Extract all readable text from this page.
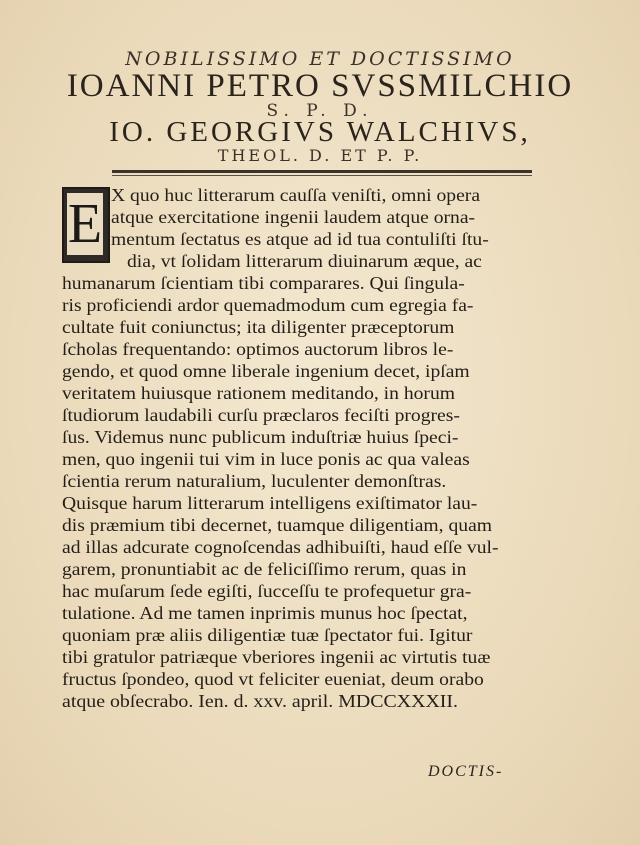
NOBILISSIMO ET DOCTISSIMO
IOANNI PETRO SVSSMILCHIO
S. P. D.
IO. GEORGIVS WALCHIVS,
THEOL. D. ET P. P.
E X quo huc litterarum cauſſa veniſti, omni opera
atque exercitatione ingenii laudem atque orna-
mentum ſectatus es atque ad id tua contuliſti ſtu-
dia, vt ſolidam litterarum diuinarum æque, ac
humanarum ſcientiam tibi comparares. Qui ſingula-
ris proficiendi ardor quemadmodum cum egregia fa-
cultate fuit coniunctus; ita diligenter præceptorum
ſcholas frequentando: optimos auctorum libros le-
gendo, et quod omne liberale ingenium decet, ipſam
veritatem huiusque rationem meditando, in horum
ſtudiorum laudabili curſu præclaros feciſti progres-
ſus. Videmus nunc publicum induſtriæ huius ſpeci-
men, quo ingenii tui vim in luce ponis ac qua valeas
ſcientia rerum naturalium, luculenter demonſtras.
Quisque harum litterarum intelligens exiſtimator lau-
dis præmium tibi decernet, tuamque diligentiam, quam
ad illas adcurate cognoſcendas adhibuiſti, haud eſſe vul-
garem, pronuntiabit ac de feliciſſimo rerum, quas in
hac muſarum ſede egiſti, ſucceſſu te profequetur gra-
tulatione. Ad me tamen inprimis munus hoc ſpectat,
quoniam præ aliis diligentiæ tuæ ſpectator fui. Igitur
tibi gratulor patriæque vberiores ingenii ac virtutis tuæ
fructus ſpondeo, quod vt feliciter eueniat, deum orabo
atque obſecrabo. Ien. d. xxv. april. MDCCXXXII.
DOCTIS-
